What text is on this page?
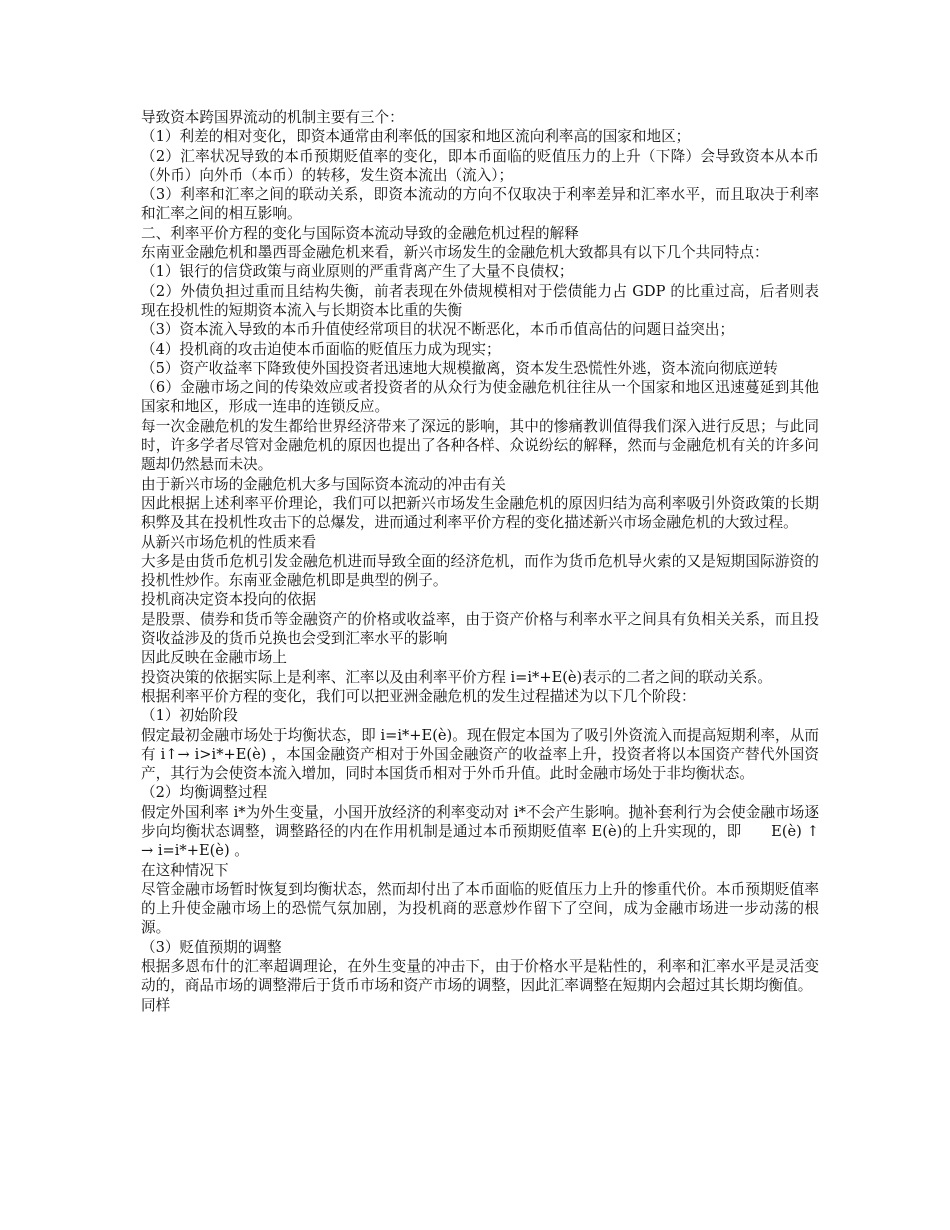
导致资本跨国界流动的机制主要有三个：

（1）利差的相对变化，即资本通常由利率低的国家和地区流向利率高的国家和地区；

（2）汇率状况导致的本币预期贬值率的变化，即本币面临的贬值压力的上升（下降）会导致资本从本币（外币）向外币（本币）的转移，发生资本流出（流入）；

（3）利率和汇率之间的联动关系，即资本流动的方向不仅取决于利率差异和汇率水平，而且取决于利率和汇率之间的相互影响。

二、利率平价方程的变化与国际资本流动导致的金融危机过程的解释

东南亚金融危机和墨西哥金融危机来看，新兴市场发生的金融危机大致都具有以下几个共同特点：

（1）银行的信贷政策与商业原则的严重背离产生了大量不良债权；

（2）外债负担过重而且结构失衡，前者表现在外债规模相对于偿债能力占 GDP 的比重过高，后者则表现在投机性的短期资本流入与长期资本比重的失衡

（3）资本流入导致的本币升值使经常项目的状况不断恶化，本币币值高估的问题日益突出；

（4）投机商的攻击迫使本币面临的贬值压力成为现实；

（5）资产收益率下降致使外国投资者迅速地大规模撤离，资本发生恐慌性外逃，资本流向彻底逆转

（6）金融市场之间的传染效应或者投资者的从众行为使金融危机往往从一个国家和地区迅速蔓延到其他国家和地区，形成一连串的连锁反应。

每一次金融危机的发生都给世界经济带来了深远的影响，其中的惨痛教训值得我们深入进行反思；与此同时，许多学者尽管对金融危机的原因也提出了各种各样、众说纷纭的解释，然而与金融危机有关的许多问题却仍然悬而未决。

由于新兴市场的金融危机大多与国际资本流动的冲击有关

因此根据上述利率平价理论，我们可以把新兴市场发生金融危机的原因归结为高利率吸引外资政策的长期积弊及其在投机性攻击下的总爆发，进而通过利率平价方程的变化描述新兴市场金融危机的大致过程。

从新兴市场危机的性质来看

大多是由货币危机引发金融危机进而导致全面的经济危机，而作为货币危机导火索的又是短期国际游资的投机性炒作。东南亚金融危机即是典型的例子。

投机商决定资本投向的依据

是股票、债券和货币等金融资产的价格或收益率，由于资产价格与利率水平之间具有负相关关系，而且投资收益涉及的货币兑换也会受到汇率水平的影响

因此反映在金融市场上

投资决策的依据实际上是利率、汇率以及由利率平价方程 i=i*+E(è)表示的二者之间的联动关系。

根据利率平价方程的变化，我们可以把亚洲金融危机的发生过程描述为以下几个阶段：

（1）初始阶段

假定最初金融市场处于均衡状态，即 i=i*+E(è)。现在假定本国为了吸引外资流入而提高短期利率，从而有 i↑→ i>i*+E(è) ，本国金融资产相对于外国金融资产的收益率上升，投资者将以本国资产替代外国资产，其行为会使资本流入增加，同时本国货币相对于外币升值。此时金融市场处于非均衡状态。

（2）均衡调整过程

假定外国利率 i*为外生变量，小国开放经济的利率变动对 i*不会产生影响。抛补套利行为会使金融市场逐步向均衡状态调整，调整路径的内在作用机制是通过本币预期贬值率 E(è)的上升实现的，即　　E(è) ↑→ i=i*+E(è) 。

在这种情况下

尽管金融市场暂时恢复到均衡状态，然而却付出了本币面临的贬值压力上升的惨重代价。本币预期贬值率的上升使金融市场上的恐慌气氛加剧，为投机商的恶意炒作留下了空间，成为金融市场进一步动荡的根源。

（3）贬值预期的调整

根据多恩布什的汇率超调理论，在外生变量的冲击下，由于价格水平是粘性的，利率和汇率水平是灵活变动的，商品市场的调整滞后于货币市场和资产市场的调整，因此汇率调整在短期内会超过其长期均衡值。

同样
